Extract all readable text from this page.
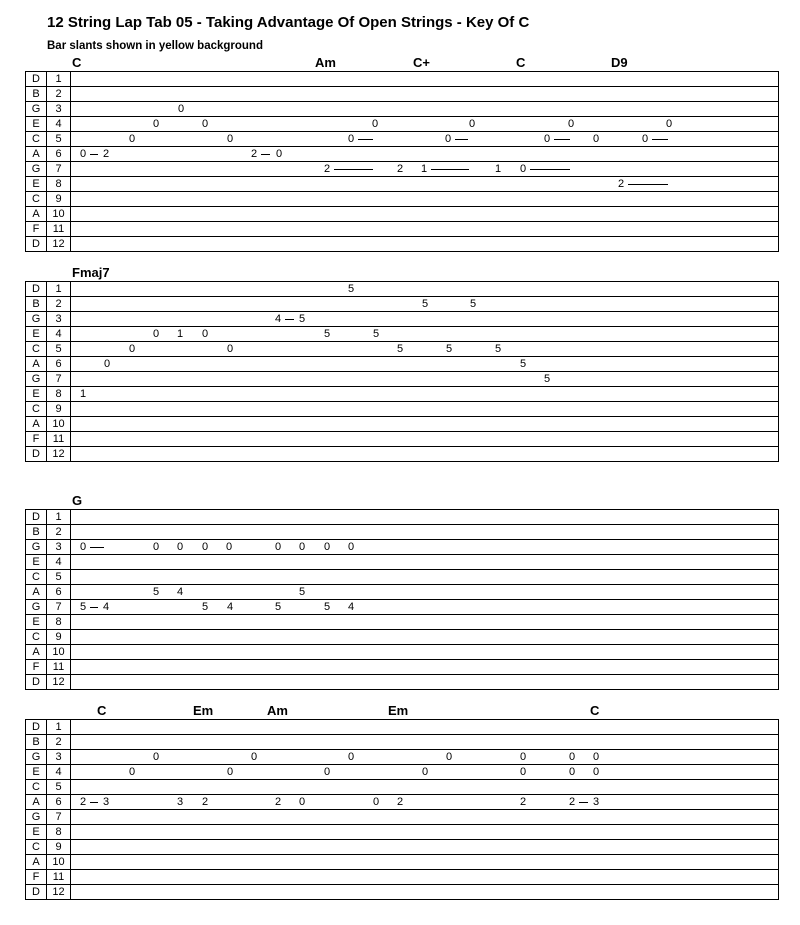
12 String Lap Tab 05 - Taking Advantage Of Open Strings - Key Of C
Bar slants shown in yellow background
C	Am	C+	C	D9
D	1
B	2
G	3	0
E	4	0	0	0	0	0	0
C	5	0	0	0	0	0	0	0
A	6	0 2	2 0
G	7	2	2 1	1 0
E	8	2
C	9
A	10
F	11
D	12
Fmaj7
D	1	5
B	2	5	5
G	3	4 5
E	4	0 1 0	5	5
C	5	0	0	5	5	5
A	6	0	5
G	7	5
E	8	1
C	9
A	10
F	11
D	12
G
D	1
B	2
G	3	0	0 0 0 0	0 0 0 0
E	4
C	5
A	6	5 4	5
G	7	5 4	5 4	5	5 4
E	8
C	9
A	10
F	11
D	12
C	Em	Am	Em	C
D	1
B	2
G	3	0	0	0	0	0	0 0
E	4	0	0	0	0	0	0 0
C	5
A	6	2 3	3 2	2 0	0 2	2	2 3
G	7
E	8
C	9
A	10
F	11
D	12
